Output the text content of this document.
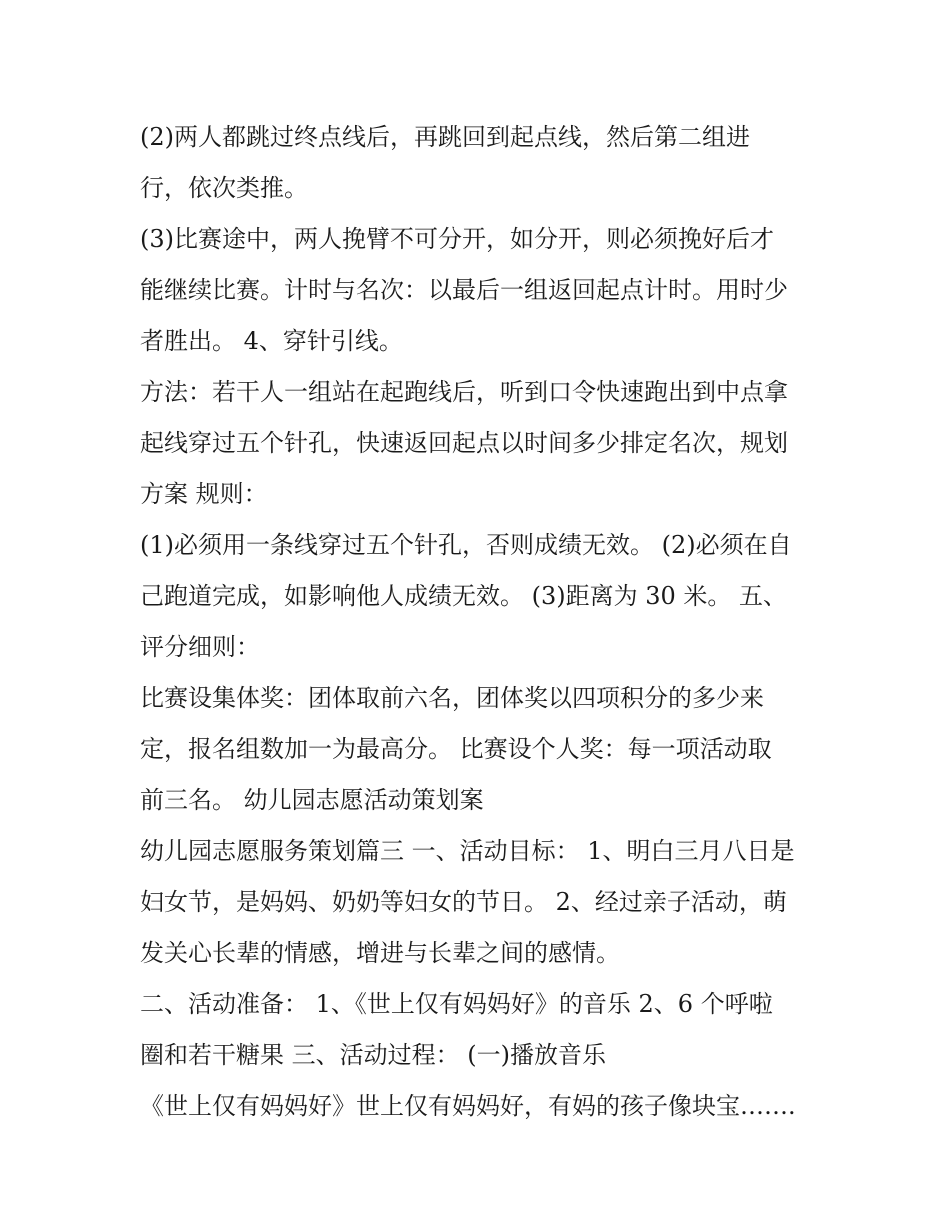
(2)两人都跳过终点线后，再跳回到起点线，然后第二组进
行，依次类推。
(3)比赛途中，两人挽臂不可分开，如分开，则必须挽好后才
能继续比赛。计时与名次：以最后一组返回起点计时。用时少
者胜出。 4、穿针引线。
方法：若干人一组站在起跑线后，听到口令快速跑出到中点拿
起线穿过五个针孔，快速返回起点以时间多少排定名次，规划
方案 规则：
(1)必须用一条线穿过五个针孔，否则成绩无效。 (2)必须在自
己跑道完成，如影响他人成绩无效。 (3)距离为 30 米。 五、
评分细则：
比赛设集体奖：团体取前六名，团体奖以四项积分的多少来
定，报名组数加一为最高分。 比赛设个人奖：每一项活动取
前三名。 幼儿园志愿活动策划案
幼儿园志愿服务策划篇三 一、活动目标： 1、明白三月八日是
妇女节，是妈妈、奶奶等妇女的节日。 2、经过亲子活动，萌
发关心长辈的情感，增进与长辈之间的感情。
二、活动准备： 1、《世上仅有妈妈好》的音乐 2、6 个呼啦
圈和若干糖果 三、活动过程： (一)播放音乐
《世上仅有妈妈好》世上仅有妈妈好，有妈的孩子像块宝…….
